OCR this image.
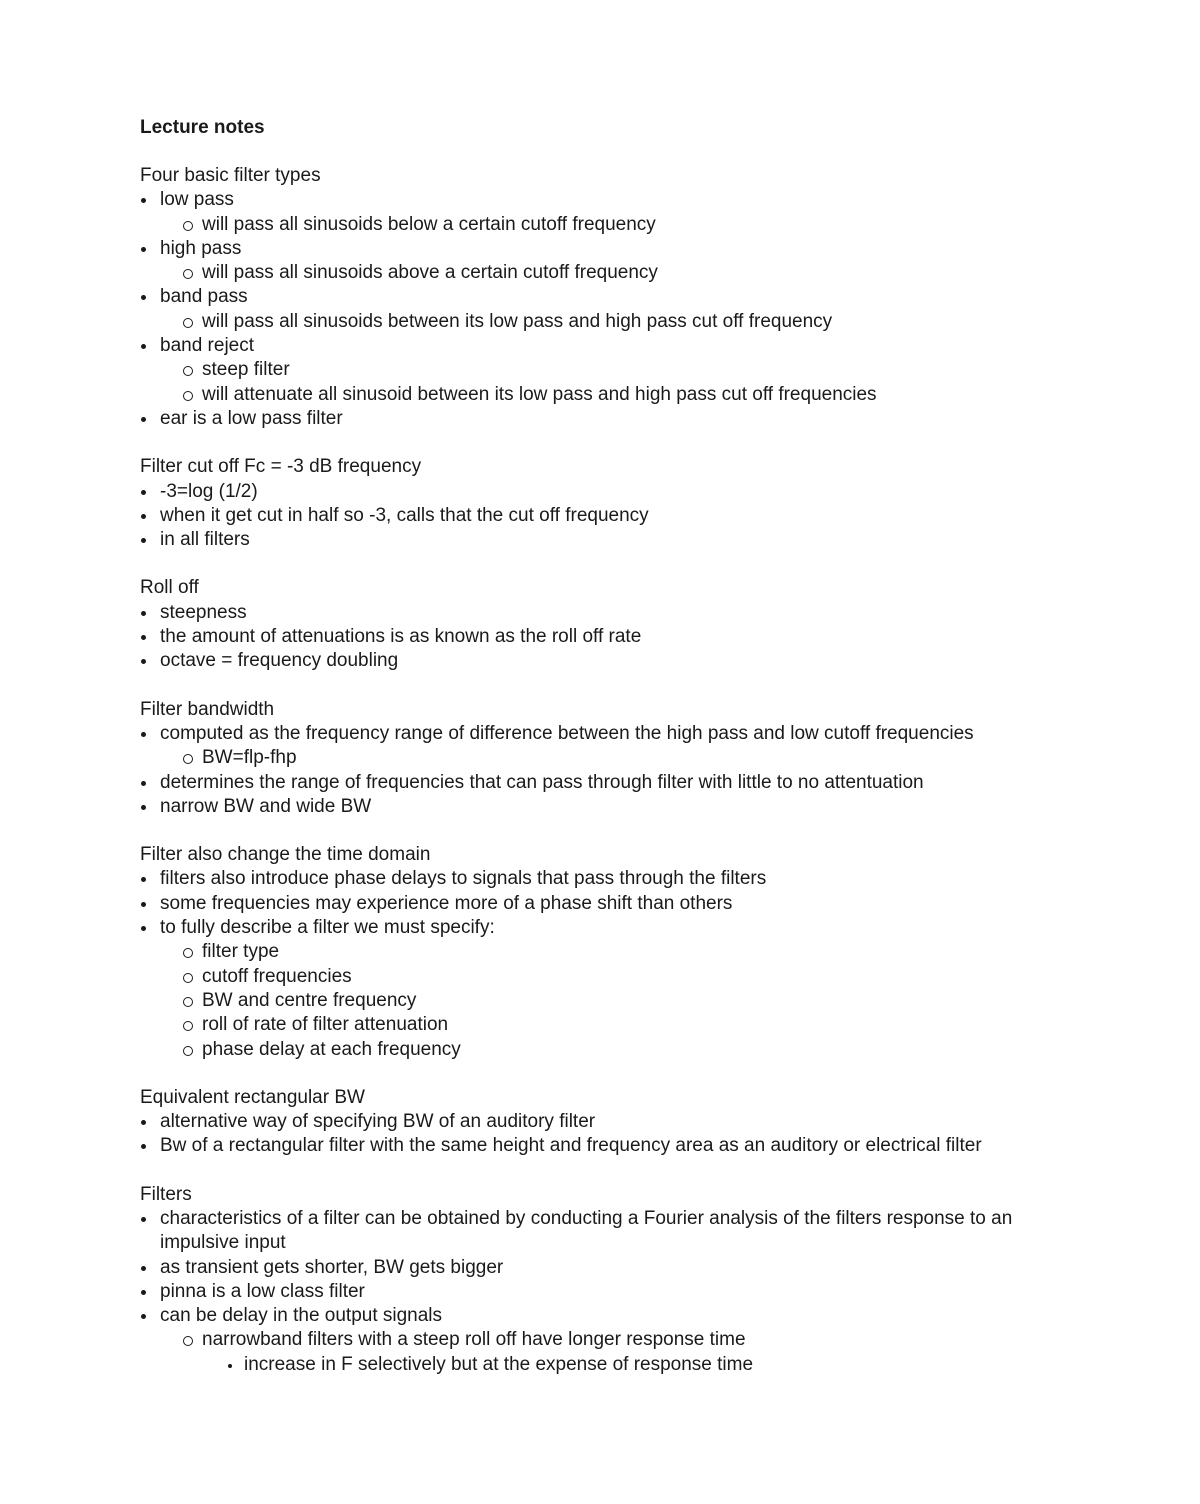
Lecture notes
Four basic filter types
low pass
will pass all sinusoids below a certain cutoff frequency
high pass
will pass all sinusoids above a certain cutoff frequency
band pass
will pass all sinusoids between its low pass and high pass cut off frequency
band reject
steep filter
will attenuate all sinusoid between its low pass and high pass cut off frequencies
ear is a low pass filter
Filter cut off Fc = -3 dB frequency
-3=log (1/2)
when it get cut in half so -3, calls that the cut off frequency
in all filters
Roll off
steepness
the amount of attenuations is as known as the roll off rate
octave = frequency doubling
Filter bandwidth
computed as the frequency range of difference between the high pass and low cutoff frequencies
BW=flp-fhp
determines the range of frequencies that can pass through filter with little to no attentuation
narrow BW and wide BW
Filter also change the time domain
filters also introduce phase delays to signals that pass through the filters
some frequencies may experience more of a phase shift than others
to fully describe a filter we must specify:
filter type
cutoff frequencies
BW and centre frequency
roll of rate of filter attenuation
phase delay at each frequency
Equivalent rectangular BW
alternative way of specifying BW of an auditory filter
Bw of a rectangular filter with the same height and frequency area as an auditory or electrical filter
Filters
characteristics of a filter can be obtained by conducting a Fourier analysis of the filters response to an impulsive input
as transient gets shorter, BW gets bigger
pinna is a low class filter
can be delay in the output signals
narrowband filters with a steep roll off have longer response time
increase in F selectively but at the expense of response time
